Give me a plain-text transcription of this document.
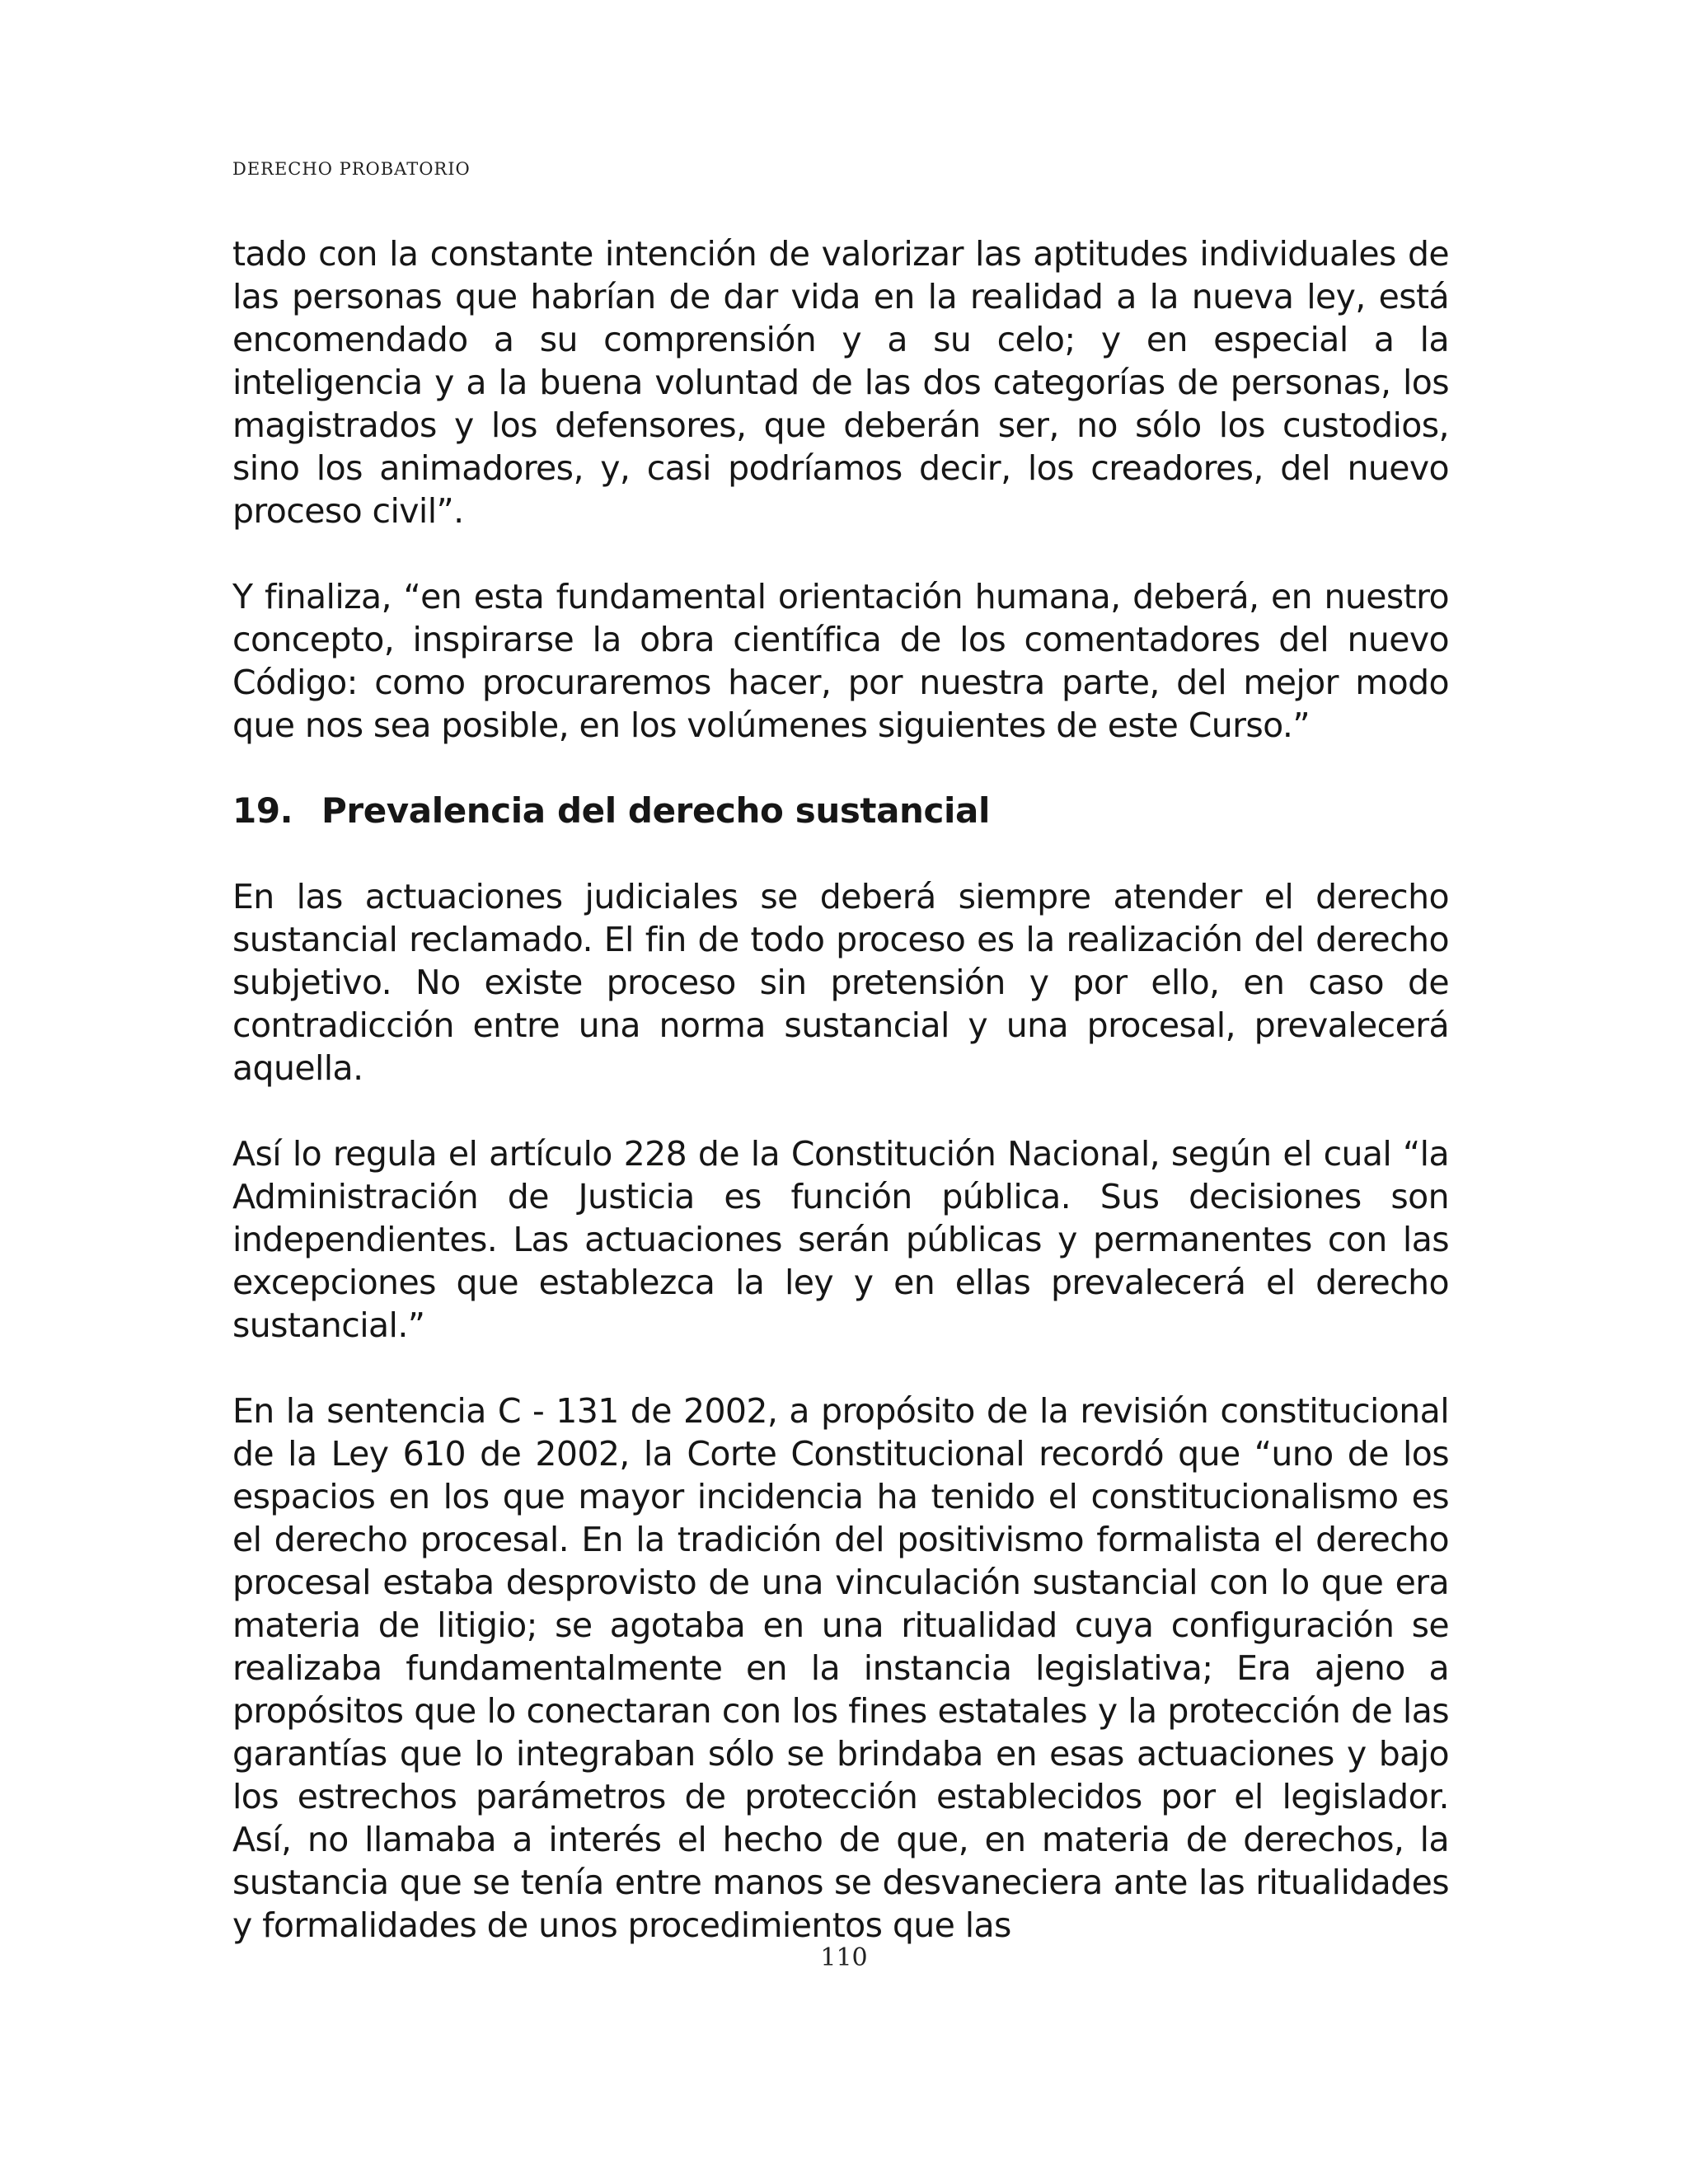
DERECHO PROBATORIO

tado con la constante intención de valorizar las aptitudes individuales de las personas que habrían de dar vida en la realidad a la nueva ley, está encomendado a su comprensión y a su celo; y en especial a la inteligencia y a la buena voluntad de las dos categorías de personas, los magistrados y los defensores, que deberán ser, no sólo los custodios, sino los animadores, y, casi podríamos decir, los creadores, del nuevo proceso civil”.

Y finaliza, “en esta fundamental orientación humana, deberá, en nuestro concepto, inspirarse la obra científica de los comentadores del nuevo Código: como procuraremos hacer, por nuestra parte, del mejor modo que nos sea posible, en los volúmenes siguientes de este Curso.”

19. Prevalencia del derecho sustancial

En las actuaciones judiciales se deberá siempre atender el derecho sustancial reclamado. El fin de todo proceso es la realización del derecho subjetivo. No existe proceso sin pretensión y por ello, en caso de contradicción entre una norma sustancial y una procesal, prevalecerá aquella.

Así lo regula el artículo 228 de la Constitución Nacional, según el cual “la Administración de Justicia es función pública. Sus decisiones son independientes. Las actuaciones serán públicas y permanentes con las excepciones que establezca la ley y en ellas prevalecerá el derecho sustancial.”

En la sentencia C - 131 de 2002, a propósito de la revisión constitucional de la Ley 610 de 2002, la Corte Constitucional recordó que “uno de los espacios en los que mayor incidencia ha tenido el constitucionalismo es el derecho procesal. En la tradición del positivismo formalista el derecho procesal estaba desprovisto de una vinculación sustancial con lo que era materia de litigio; se agotaba en una ritualidad cuya configuración se realizaba fundamentalmente en la instancia legislativa; Era ajeno a propósitos que lo conectaran con los fines estatales y la protección de las garantías que lo integraban sólo se brindaba en esas actuaciones y bajo los estrechos parámetros de protección establecidos por el legislador. Así, no llamaba a interés el hecho de que, en materia de derechos, la sustancia que se tenía entre manos se desvaneciera ante las ritualidades y formalidades de unos procedimientos que las

110
